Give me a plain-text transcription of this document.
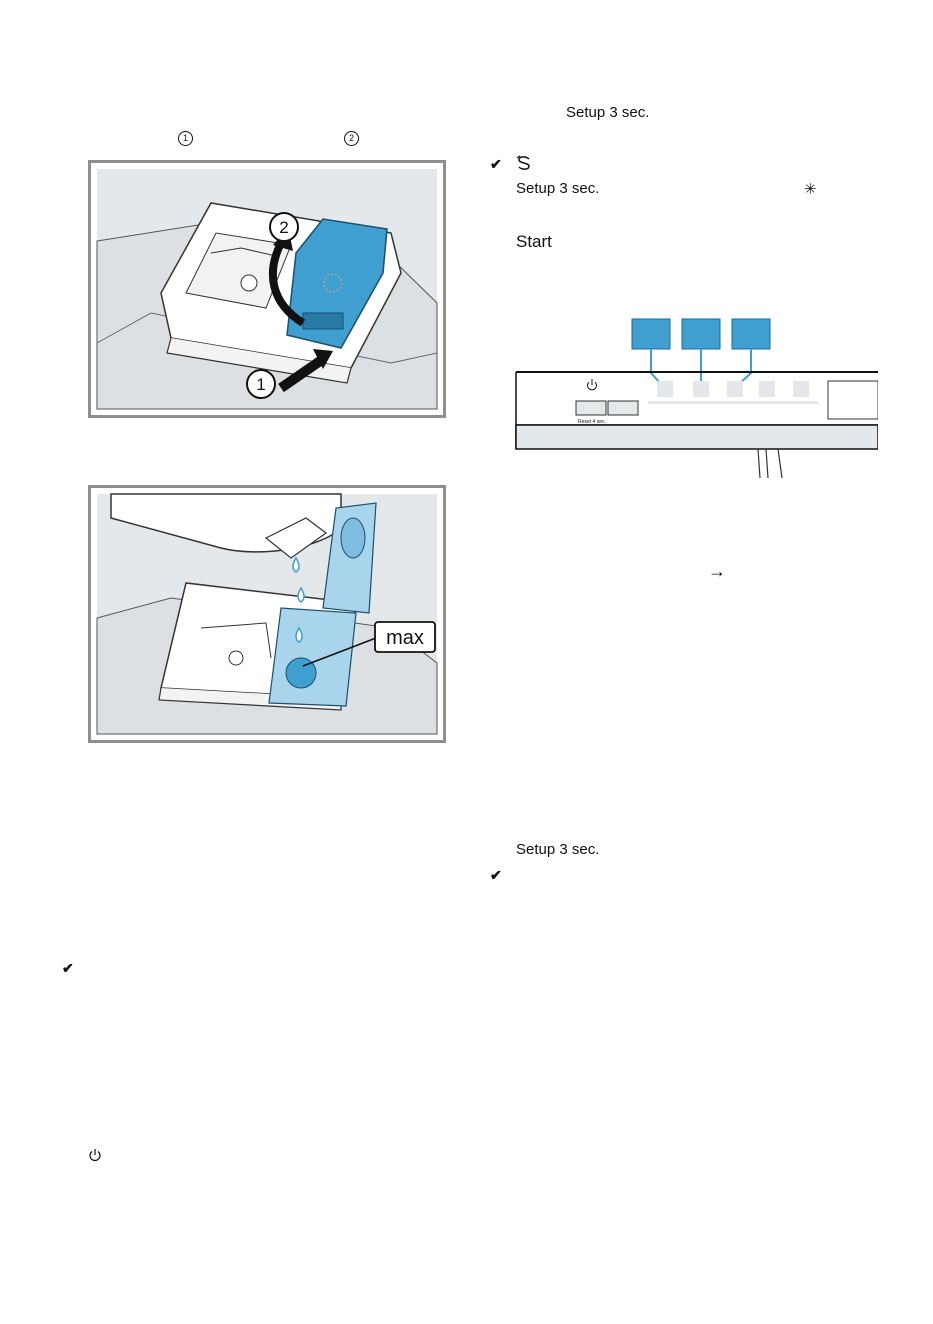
1	2
2
1
max
✔
Setup 3 sec.
✔
Setup 3 sec.	✳
Start
Reset 4 sec.
→
Setup 3 sec.
✔
